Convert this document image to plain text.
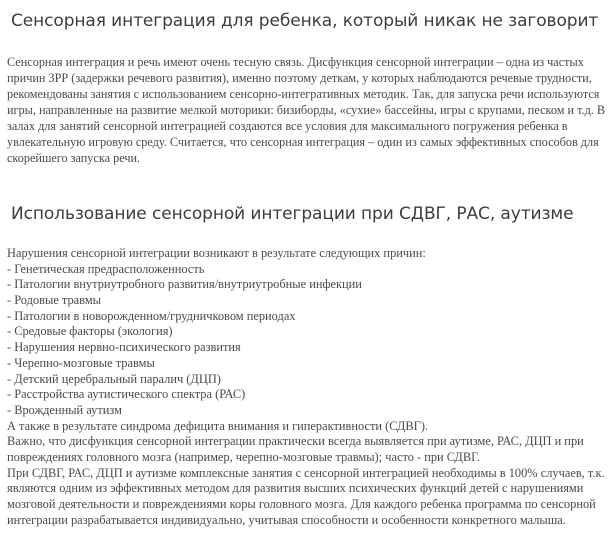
Сенсорная интеграция для ребенка, который никак не заговорит
Сенсорная интеграция и речь имеют очень тесную связь. Дисфункция сенсорной интеграции – одна из частых
причин ЗРР (задержки речевого развития), именно поэтому деткам, у которых наблюдаются речевые трудности,
рекомендованы занятия с использованием сенсорно-интегративных методик. Так, для запуска речи используются
игры, направленные на развитие мелкой моторики: бизиборды, «сухие» бассейны, игры с крупами, песком и т.д. В
залах для занятий сенсорной интеграцией создаются все условия для максимального погружения ребенка в
увлекательную игровую среду. Считается, что сенсорная интеграция – один из самых эффективных способов для
скорейшего запуска речи.
Использование сенсорной интеграции при СДВГ, РАС, аутизме
Нарушения сенсорной интеграции возникают в результате следующих причин:
- Генетическая предрасположенность
- Патологии внутриутробного развития/внутриутробные инфекции
- Родовые травмы
- Патологии в новорожденном/грудничковом периодах
- Средовые факторы (экология)
- Нарушения нервно-психического развития
- Черепно-мозговые травмы
- Детский церебральный паралич (ДЦП)
- Расстройства аутистического спектра (РАС)
- Врожденный аутизм
А также в результате синдрома дефицита внимания и гиперактивности (СДВГ).
Важно, что дисфункция сенсорной интеграции практически всегда выявляется при аутизме, РАС, ДЦП и при
повреждениях головного мозга (например, черепно-мозговые травмы); часто - при СДВГ.
При СДВГ, РАС, ДЦП и аутизме комплексные занятия с сенсорной интеграцией необходимы в 100% случаев, т.к.
являются одним из эффективных методом для развития высших психических функций детей с нарушениями
мозговой деятельности и повреждениями коры головного мозга. Для каждого ребенка программа по сенсорной
интеграции разрабатывается индивидуально, учитывая способности и особенности конкретного малыша.
